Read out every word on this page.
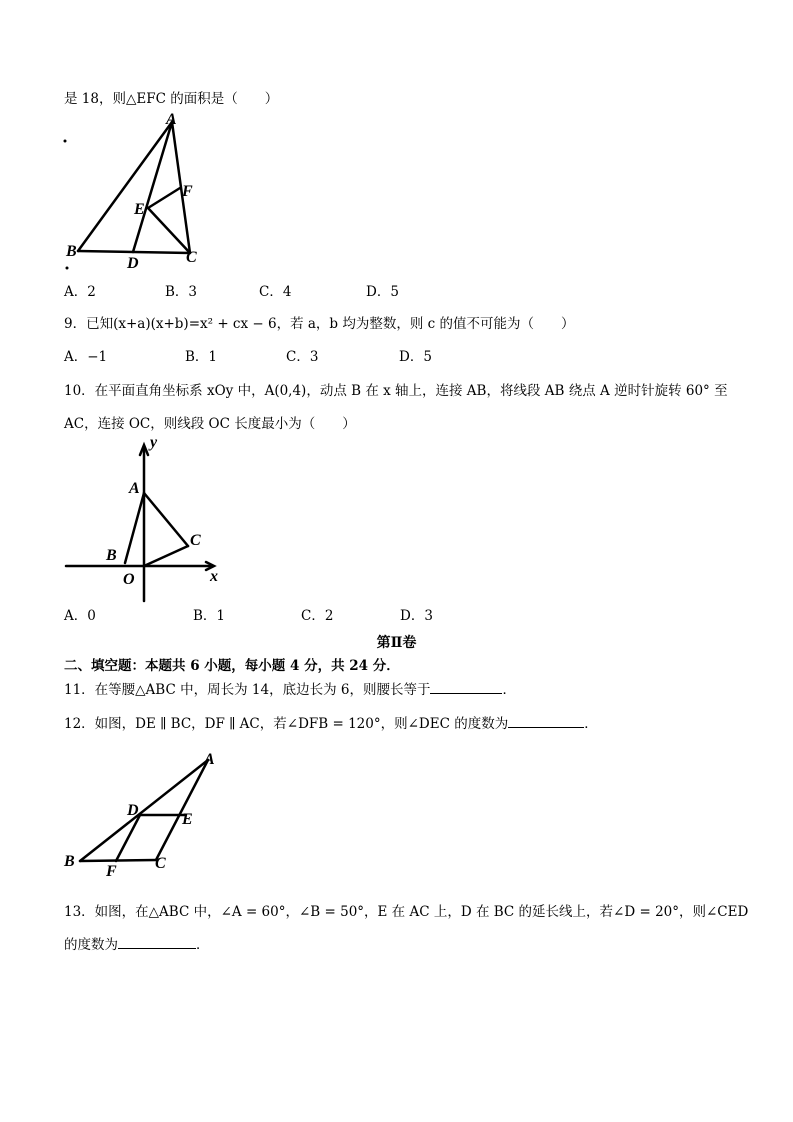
是 18，则△EFC 的面积是（　　）
A
F
E
B
D	C
A．2	B．3	C．4	D．5
9．已知(x+a)(x+b)=x² + cx − 6，若 a，b 均为整数，则 c 的值不可能为（　　）
A．−1	B．1	C．3	D．5
10．在平面直角坐标系 xOy 中，A(0,4)，动点 B 在 x 轴上，连接 AB，将线段 AB 绕点 A 逆时针旋转 60° 至
AC，连接 OC，则线段 OC 长度最小为（　　）
y
A
C
B
O	x
A．0	B．1	C．2	D．3
第Ⅱ卷
二、填空题：本题共 6 小题，每小题 4 分，共 24 分．
11．在等腰△ABC 中，周长为 14，底边长为 6，则腰长等于	．
12．如图，DE ∥ BC，DF ∥ AC，若∠DFB = 120°，则∠DEC 的度数为	．
A
D
E
B	C
F
13．如图，在△ABC 中，∠A = 60°，∠B = 50°，E 在 AC 上，D 在 BC 的延长线上，若∠D = 20°，则∠CED
的度数为	．
